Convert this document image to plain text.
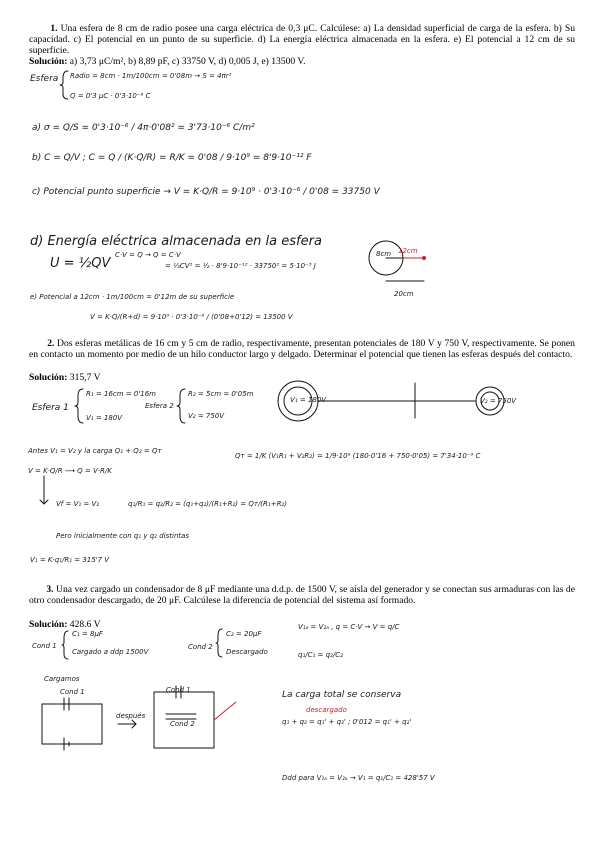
1. Una esfera de 8 cm de radio posee una carga eléctrica de 0,3 μC. Calcúlese: a) La densidad superficial de carga de la esfera. b) Su capacidad. c) El potencial en un punto de su superficie. d) La energía eléctrica almacenada en la esfera. e) El potencial a 12 cm de su superficie.
Solución: a) 3,73 μC/m², b) 8,89 pF, c) 33750 V, d) 0,005 J, e) 13500 V.
Esfera Radio = 8cm · 1m/100cm = 0'08m → S = 4πr²
Q = 0'3 μC · 0'3·10⁻⁶ C
a) σ = Q/S = 0'3·10⁻⁶ / 4π·0'08² = 3'73·10⁻⁶ C/m²
b) C = Q/V ; C = Q / (K·Q/R) = R/K = 0'08 / 9·10⁹ = 8'9·10⁻¹² F
c) Potencial punto superficie → V = K·Q/R = 9·10⁹ · 0'3·10⁻⁶ / 0'08 = 33750 V
d) Energía eléctrica almacenada en la esfera
U = ½QV
C·V = Q → Q = C·V
= ½CV² = ½ · 8'9·10⁻¹² · 33750² = 5·10⁻³ J
8cm 12cm
20cm
e) Potencial a 12cm · 1m/100cm = 0'12m de su superficie
V = K·Q/(R+d) = 9·10⁹ · 0'3·10⁻⁶ / (0'08+0'12) = 13500 V
2. Dos esferas metálicas de 16 cm y 5 cm de radio, respectivamente, presentan potenciales de 180 V y 750 V, respectivamente. Se ponen en contacto un momento por medio de un hilo conductor largo y delgado. Determinar el potencial que tienen las esferas después del contacto.
Solución: 315,7 V
Esfera 1
R₁ = 16cm = 0'16m
V₁ = 180V
Esfera 2
R₂ = 5cm = 0'05m
V₂ = 750V
V₁ = 180V	V₂ = 750V
Antes V₁ = V₂ y la carga Q₁ + Q₂ = Qᴛ
Qᴛ = 1/K (V₁R₁ + V₂R₂) = 1/9·10⁹ (180·0'16 + 750·0'05) = 7'34·10⁻⁹ C
V = K·Q/R ⟶ Q = V·R/K
Vf = V₁ = V₂	q₁/R₁ = q₂/R₂ = (q₁+q₂)/(R₁+R₂) = Qᴛ/(R₁+R₂)
Pero inicialmente con q₁ y q₂ distintas
V₁ = K·q₁/R₁ = 315'7 V
3. Una vez cargado un condensador de 8 μF mediante una d.d.p. de 1500 V, se aísla del generador y se conectan sus armaduras con las de otro condensador descargado, de 20 μF. Calcúlese la diferencia de potencial del sistema así formado.
Solución: 428.6 V
Cond 1
C₁ = 8μF
Cargado a ddp 1500V
Cond 2
C₂ = 20μF
Descargado
V₁ₐ = V₂ₐ , q = C·V → V = q/C
q₁/C₁ = q₂/C₂
Cargamos
Cond 1
después
Cond 1
Cond 2
La carga total se conserva
descargado
q₁ + q₂ = q₁' + q₂' ; 0'012 = q₁' + q₂'
Ddd para V₁ₐ = V₂ₐ → V₁ = q₁/C₁ = 428'57 V
